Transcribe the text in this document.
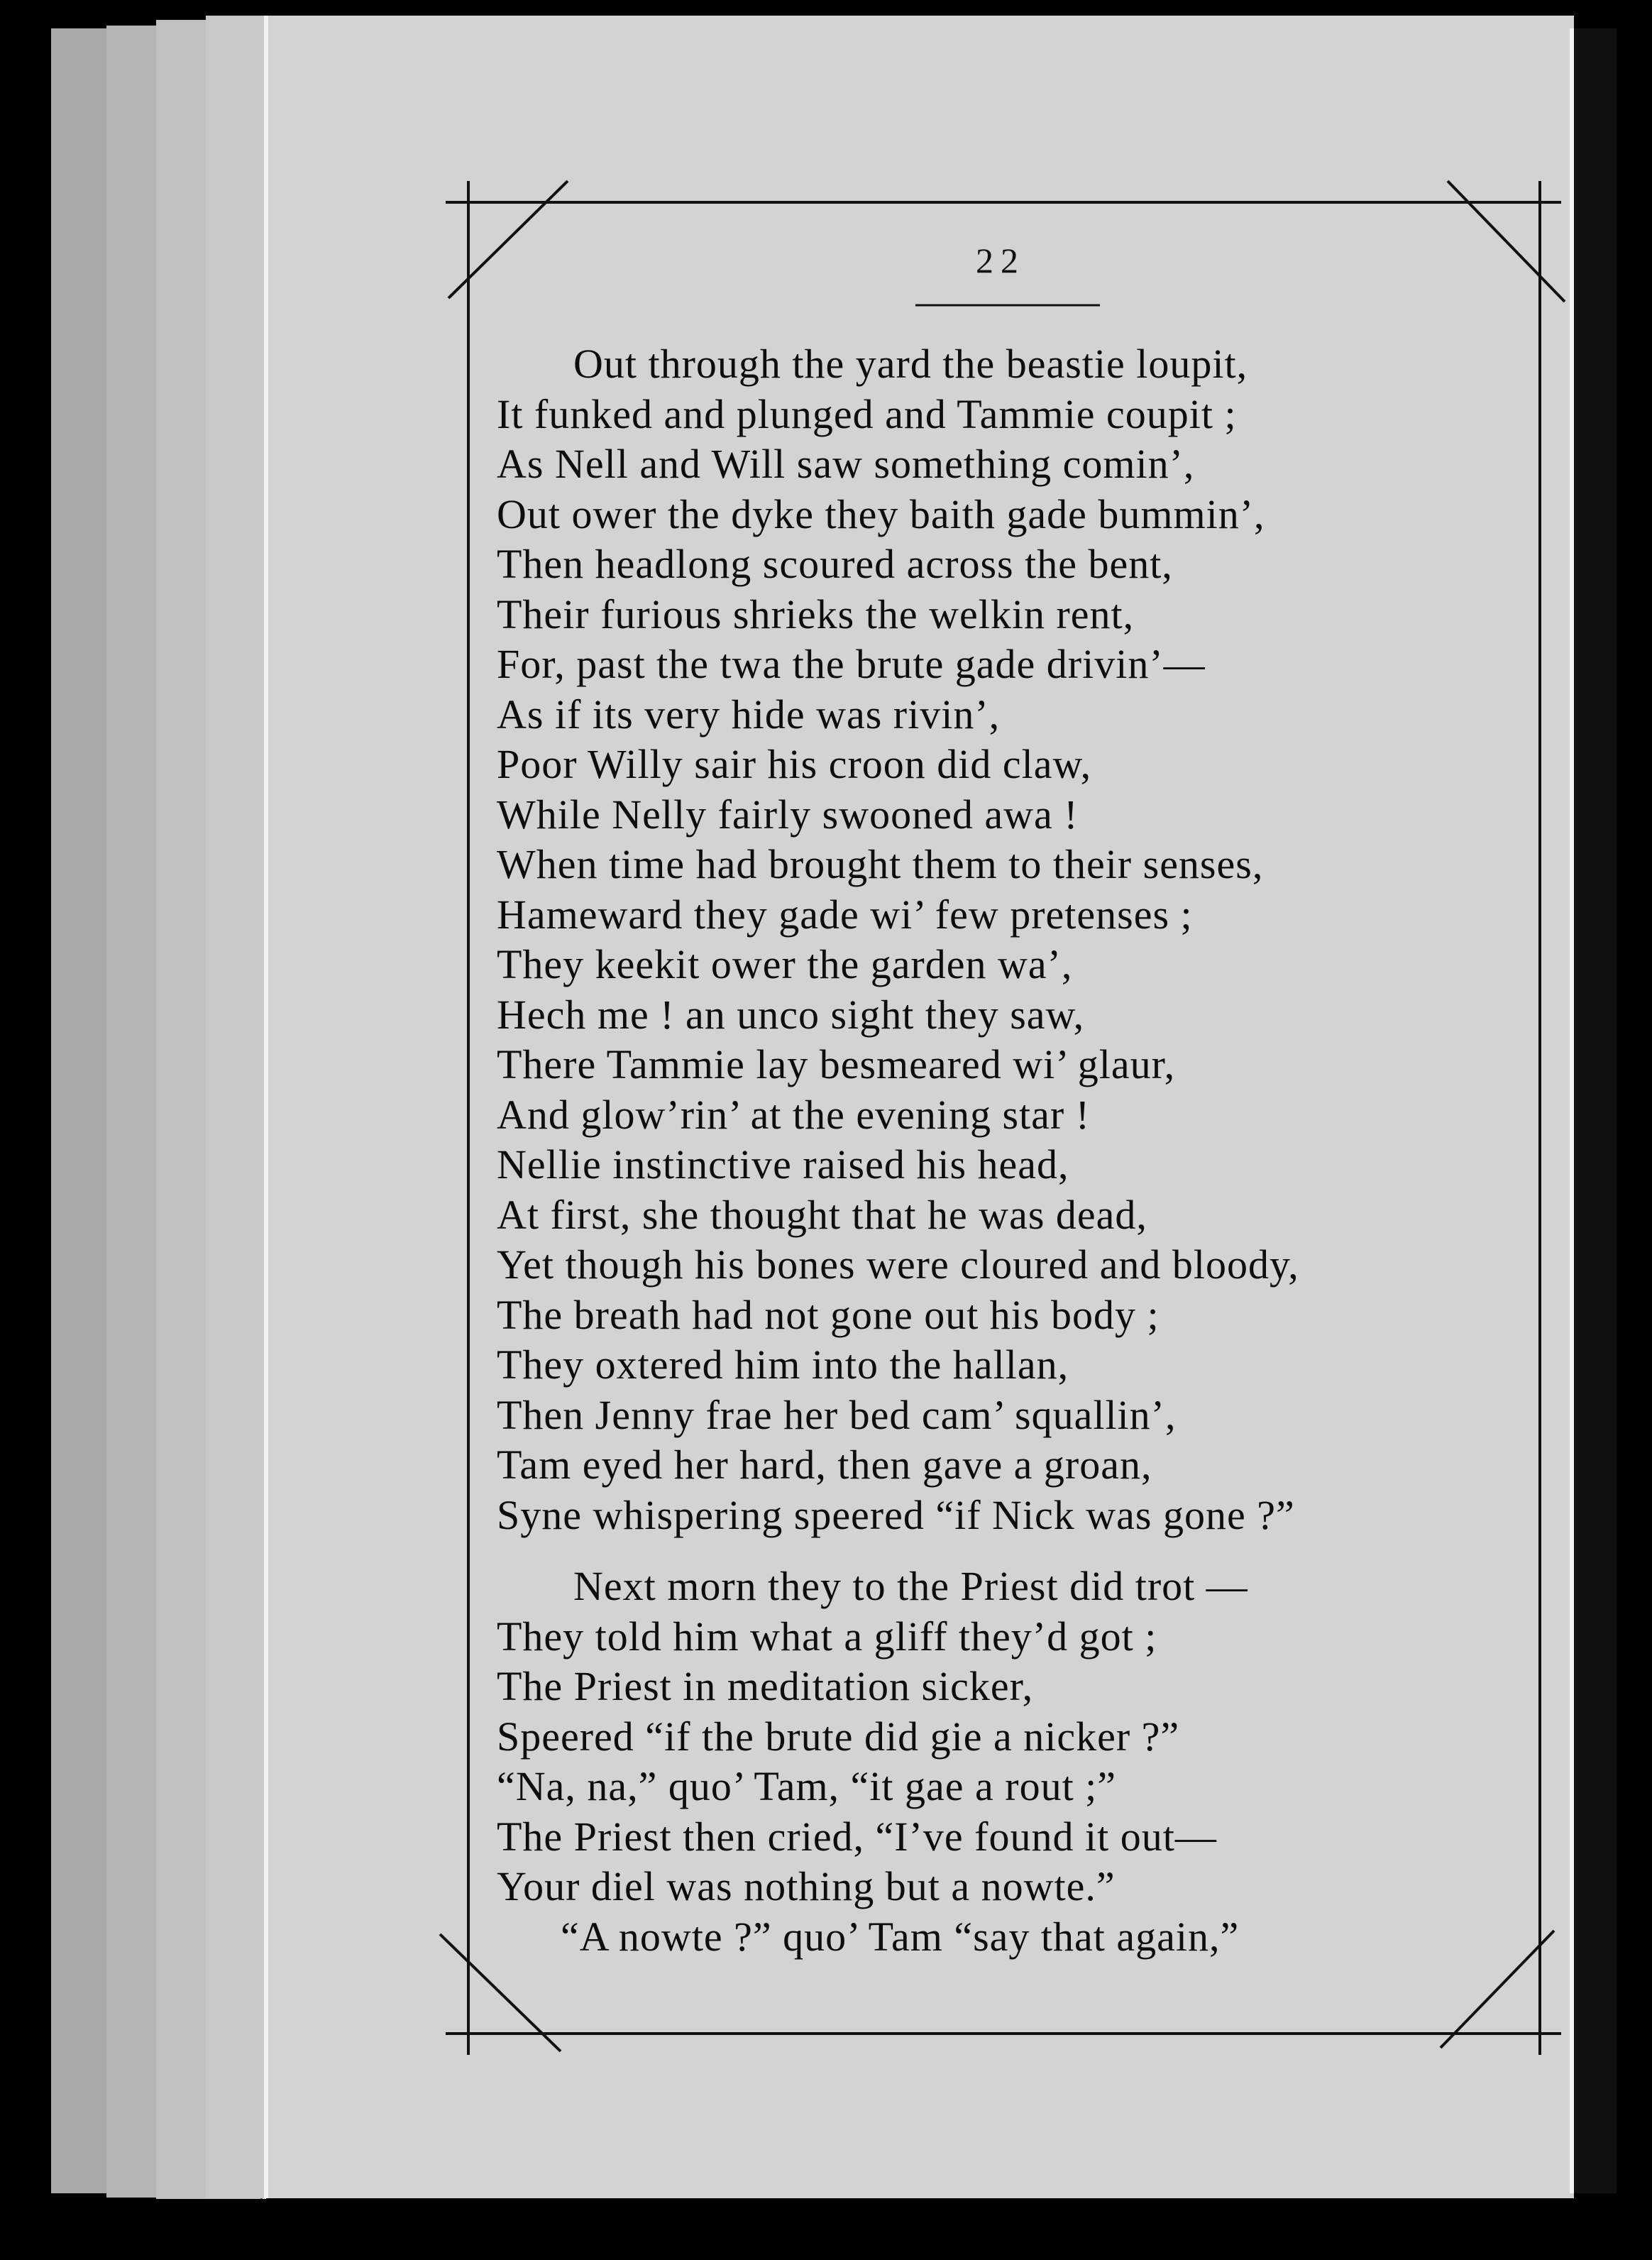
22
Out through the yard the beastie loupit,
It funked and plunged and Tammie coupit ;
As Nell and Will saw something comin’,
Out ower the dyke they baith gade bummin’,
Then headlong scoured across the bent,
Their furious shrieks the welkin rent,
For, past the twa the brute gade drivin’—
As if its very hide was rivin’,
Poor Willy sair his croon did claw,
While Nelly fairly swooned awa !
When time had brought them to their senses,
Hameward they gade wi’ few pretenses ;
They keekit ower the garden wa’,
Hech me ! an unco sight they saw,
There Tammie lay besmeared wi’ glaur,
And glow’rin’ at the evening star !
Nellie instinctive raised his head,
At first, she thought that he was dead,
Yet though his bones were cloured and bloody,
The breath had not gone out his body ;
They oxtered him into the hallan,
Then Jenny frae her bed cam’ squallin’,
Tam eyed her hard, then gave a groan,
Syne whispering speered “if Nick was gone ?”
Next morn they to the Priest did trot —
They told him what a gliff they’d got ;
The Priest in meditation sicker,
Speered “if the brute did gie a nicker ?”
“Na, na,” quo’ Tam, “it gae a rout ;”
The Priest then cried, “I’ve found it out—
Your diel was nothing but a nowte.”
“A nowte ?” quo’ Tam “say that again,”
